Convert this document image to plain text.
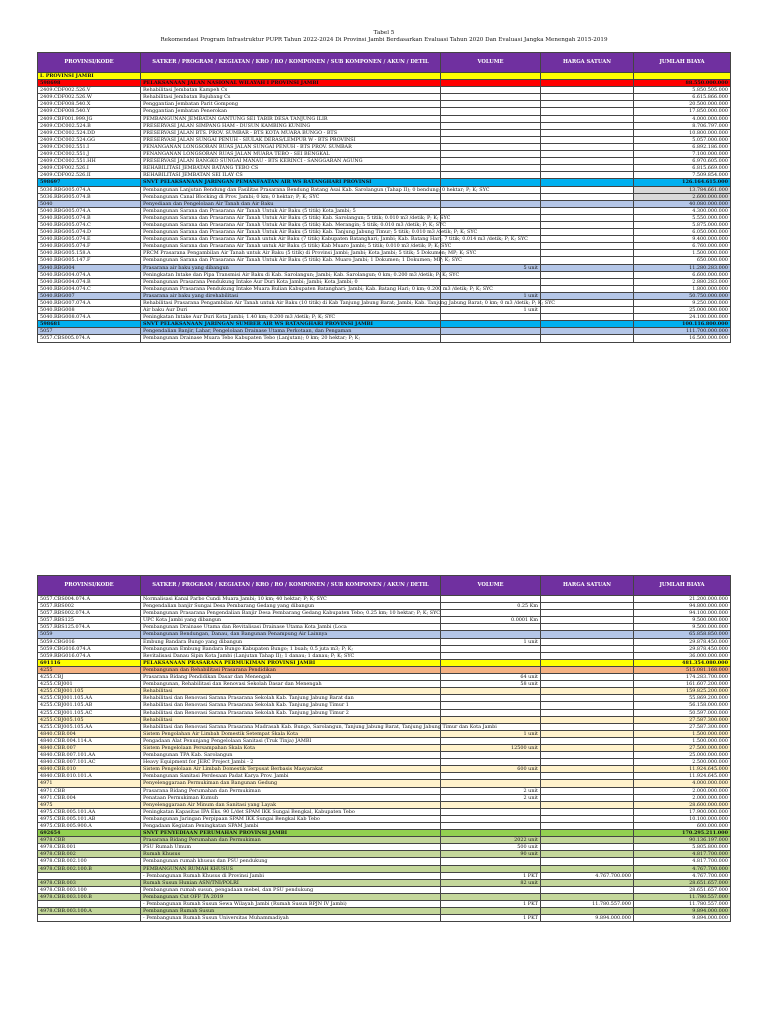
Tabel 5
Rekomendasi Program Infrastruktur PUPR Tahun 2022-2024 Di Provinsi Jambi Berdasarkan Evaluasi Tahun 2020 Dan Evaluasi Jangka Menengah 2015-2019
PROVINSI/KODE	SATKER / PROGRAM / KEGIATAN / KRO / RO / KOMPONEN / SUB KOMPONEN / AKUN / DETIL	VOLUME	HARGA SATUAN	JUMLAH BIAYA
I. PROVINSI JAMBI				
598698	PELAKSANAAN JALAN NASIONAL WILAYAH I PROVINSI JAMBI			88.550.000.000
2409.CDF002.526.V	Rehabilitasi Jembatan Kampeh Cs			5.850.505.000
2409.CDF002.526.W	Rehabilitasi Jembatan Bajubang Cs			6.615.866.000
2409.CDF008.540.X	Penggantian Jembatan Parit Gompong			20.500.000.000
2409.CDF008.540.Y	Penggantian Jembatan Penerokan			17.850.000.000
2409.CBF001.999.JG	PEMBANGUNAN JEMBATAN GANTUNG SEI TABIR DESA TANJUNG ILIR			4.000.000.000
2409.CDC002.524.B	PRESERVASI JALAN SIMPANG HAM - DUSUN KAMBING KUNING			8.706.797.000
2409.CDC002.524.DD	PRESERVASI JALAN BTS. PROV. SUMBAR - BTS KOTA MUARA BUNGO - BTS			10.800.000.000
2409.CDC002.524.GG	PRESERVASI JALAN SUNGAI PENUH - SIULAK DERAS/LEMPUR W - BTS PROVINSI			5.057.000.000
2409.CDC002.551.I	PENANGANAN LONGSORAN RUAS JALAN SUNGAI PENUH - BTS PROV. SUMBAR			6.892.186.000
2409.CDC002.551.J	PENANGANAN LONGSORAN RUAS JALAN MUARA TEBO - SEI BENGKAL			7.100.000.000
2409.CDC002.551.HH	PRESERVASI JALAN BANGKO SUNGAI MANAU - BTS KERINCI - SANGGARAN AGUNG			6.970.605.000
2409.CDF002.526.I	REHABILITASI JEMBATAN BATANG TEBO CS			6.815.669.000
2409.CDF002.526.II	REHABILITASI JEMBATAN SEI ILAY CS			7.509.854.000
598697	SNVT PELAKSANAAN JARINGAN PEMANFAATAN AIR WS BATANGHARI PROVINSI			126.164.615.000
5036.RBG005.074.A	Pembangunan Lanjutan Bendung dan Fasilitas Prasarana Bendung Batang Asai Kab. Sarolangun (Tahap II); 0 bendung; 0 hektar; P; K; SYC			13.784.661.000
5036.RBG005.074.B	Pembangunan Canal Blocking di Prov. Jambi; 0 km; 0 hektar; P; K; SYC			2.600.000.000
5040	Penyediaan dan Pengelolaan Air Tanah dan Air Baku			40.080.000.000
5040.RBG005.074.A	Pembangunan Sarana dan Prasarana Air Tanah Untuk Air Baku (5 titik) Kota Jambi; 5			4.300.000.000
5040.RBG005.074.B	Pembangunan Sarana dan Prasarana Air Tanah Untuk Air Baku (5 titik) Kab. Sarolangun; 5 titik; 0.010 m3 /detik; P; K; SYC			5.550.000.000
5040.RBG005.074.C	Pembangunan Sarana dan Prasarana Air Tanah Untuk Air Baku (5 titik) Kab. Merangin; 5 titik; 0.010 m3 /detik; P; K; SYC			5.875.000.000
5040.RBG005.074.D	Pembangunan Sarana dan Prasarana Air Tanah Untuk Air Baku (5 titik) Kab. Tanjung Jabung Timur; 5 titik; 0.010 m3 /detik; P; K; SYC			6.050.000.000
5040.RBG005.074.E	Pembangunan Sarana dan Prasarana Air Tanah untuk Air Baku (7 titik) Kabupaten Batanghari; Jambi; Kab. Batang Hari; 7 titik; 0.014 m3 /detik; P; K; SYC			9.400.000.000
5040.RBG005.074.F	Pembangunan Sarana dan Prasarana Air Tanah untuk Air Baku (5 titik) Kab Muaro Jambi; 5 titik; 0.010 m3 /detik; P; K; SYC			6.760.000.000
5040.RBG005.158.A	PRCM Prasarana Pengambilan Air Tanah untuk Air Baku (5 titik) di Provinsi Jambi; Jambi; Kota Jambi; 5 titik; 5 Dokumen; MP; K; SYC			1.500.000.000
5040.RBG005.147.F	Pembangunan Sarana dan Prasarana Air Tanah Untuk Air Baku (5 titik) Kab. Muaro Jambi; 1 Dokumen; 1 Dokumen; MP; K; SYC			650.000.000
5040.RBG004	Prasarana air baku yang dibangun	5 unit		11.280.283.000
5040.RBG004.074.A	Peningkatan Intake dan Pipa Transmisi Air Baku di Kab. Sarolangun; Jambi; Kab. Sarolangun; 0 km; 0.200 m3 /detik; P; K; SYC			6.600.000.000
5040.RBG004.074.B	Pembangunan Prasarana Pendukung Intake Aur Duri Kota Jambi; Jambi; Kota Jambi; 0			2.880.283.000
5040.RBG004.074.C	Pembangunan Prasarana Pendukung Intake Muara Bulian Kabupaten Batanghari; Jambi; Kab. Batang Hari; 0 km; 0.200 m3 /detik; P; K; SYC			1.800.000.000
5040.RBG007	Prasarana air baku yang direhabilitasi	1 unit		50.750.000.000
5040.RBG007.074.A	Rehabilitasi Prasarana Pengambilan Air Tanah untuk Air Baku (10 titik) di Kab Tanjung Jabung Barat; Jambi; Kab. Tanjung Jabung Barat; 0 km; 0 m3 /detik; P; K; SYC			9.250.000.000
5040.RBG008	Air baku Aur Duri	1 unit		25.000.000.000
5040.RBG008.074.A	Peningkatan Intake Aur Duri Kota Jambi; 1.40 km; 0.200 m3 /detik; P; K; SYC			24.100.000.000
598681	SNVT PELAKSANAAN JARINGAN SUMBER AIR WS BATANGHARI PROVINSI JAMBI			100.116.800.000
5057	Pengendalian Banjir, Lahar, Pengelolaan Drainase Utama Perkotaan, dan Pengaman			111.700.000.000
5057.CBS005.074.A	Pembangunan Drainase Muara Tebo Kabupaten Tebo (Lanjutan); 0 km; 20 hektar; P; K;			16.500.000.000
PROVINSI/KODE	SATKER / PROGRAM / KEGIATAN / KRO / RO / KOMPONEN / SUB KOMPONEN / AKUN / DETIL	VOLUME	HARGA SATUAN	JUMLAH BIAYA
5057.CBS004.074.A	Normalisasi Kanal Parbo Cundi Muara Jambi; 10 km; 40 hektar; P; K; SYC			21.200.000.000
5057.RBS002	Pengendalian banjir Sungai Desa Pembarang Gedang yang dibangun	0.25 Km		94.800.000.000
5057.RBS002.074.A	Pembangunan Prasarana Pengendalian Banjir Desa Pembarang Gedang Kabupaten Tebo; 0.25 km; 10 hektar; P; K; SYC			94.100.000.000
5057.RBS125	UPC Kota Jambi yang dibangun	0.0001 Km		9.500.000.000
5057.RBS125.074.A	Pembangunan Drainase Utama dan Revitalisasi Drainase Utama Kota Jambi (Loca			9.500.000.000
5059	Pembangunan Bendungan, Danau, dan Bangunan Penampung Air Lainnya			65.858.850.000
5059.CBG016	Embung Bandara Bungo yang dibangun	1 unit		29.878.450.000
5059.CBG016.074.A	Pembangunan Embung Bandara Bungo Kabupaten Bungo; 1 buah; 0.5 juta m3; P; K;			29.878.450.000
5059.RBG016.074.A	Revitalisasi Danau Sipin Kota Jambi (Lanjutan Tahap II); 1 danau; 1 danau; P; K; SYC			36.000.000.000
691116	PELAKSANAAN PRASARANA PERMUKIMAN PROVINSI JAMBI			481.354.080.000
4255	Pembangunan dan Rehabilitasi Prasarana Pendidikan			515.081.168.000
4255.CBJ	Prasarana Bidang Pendidikan Dasar dan Menengah	64 unit		174.283.700.000
4255.CBJ001	Pembangunan, Rehabilitasi dan Renovasi Sekolah Dasar dan Menengah	58 unit		161.607.200.000
4255.CBJ001.105	Rehabilitasi			159.825.200.000
4255.CBJ001.105.AA	Rehabilitasi dan Renovasi Sarana Prasarana Sekolah Kab. Tanjung Jabung Barat dan			55.869.200.000
4255.CBJ001.105.AB	Rehabilitasi dan Renovasi Sarana Prasarana Sekolah Kab. Tanjung Jabung Timur 1			56.158.000.000
4255.CBJ001.105.AC	Rehabilitasi dan Renovasi Sarana Prasarana Sekolah Kab. Tanjung Jabung Timur 2			50.597.000.000
4255.CBJ005.105	Rehabilitasi			27.587.300.000
4255.CBJ005.105.AA	Rehabilitasi dan Renovasi Sarana Prasarana Madrasah Kab. Bungo, Sarolangun, Tanjung Jabung Barat, Tanjung Jabung Timur dan Kota Jambi			27.587.300.000
4840.CBB.004	Sistem Pengolahan Air Limbah Domestik Setempat Skala Kota	1 unit		1.500.000.000
4840.CBB.004.114.A	Pengadaan Alat Penunjang Pengelolaan Sanitasi (Truk Tinja) JAMBI			1.500.000.000
4840.CBB.007	Sistem Pengelolaan Persampahan Skala Kota	12500 unit		27.500.000.000
4840.CBB.007.101.AA	Pembangunan TPA Kab. Sarolangun			25.000.000.000
4840.CBB.007.101.AC	Heavy Equipment for JERC Project Jambi - 2			2.500.000.000
4840.CBB.010	Sistem Pengelolaan Air Limbah Domestik Terpusat Berbasis Masyarakat	600 unit		11.924.645.000
4840.CBB.010.101.A	Pembangunan Sanitasi Perdesaan Padat Karya Prov. Jambi			11.924.645.000
4971	Penyelenggaraan Permukiman dan Bangunan Gedung			4.000.000.000
4971.CBB	Prasarana Bidang Perumahan dan Permukiman	2 unit		2.000.000.000
4971.CBB.004	Penataan Permukiman Kumuh	2 unit		2.000.000.000
4975	Penyelenggaraan Air Minum dan Sanitasi yang Layak			28.600.000.000
4975.CBB.005.101.AA	Peningkatan Kapasitas IPA Eks. 90 L/det SPAM IKK Sungai Bengkal, Kabupaten Tebo			17.900.000.000
4975.CBB.005.101.AB	Pembangunan Jaringan Perpipaan SPAM IKK Sungai Bengkal Kab Tebo			10.100.000.000
4975.CBB.005.900.A	Pengadaan Kegiatan Peningkatan SPAM Jambi			600.000.000
692654	SNVT PENYEDIAAN PERUMAHAN PROVINSI JAMBI			170.295.211.000
4978.CBB	Prasarana Bidang Perumahan dan Permukiman	2022 unit		90.136.197.000
4978.CBB.001	PSU Rumah Umum	500 unit		5.805.800.000
4978.CBB.002	Rumah Khusus	90 unit		4.817.700.000
4978.CBB.002.100	Pembangunan rumah khusus dan PSU pendukung			4.817.700.000
4978.CBB.002.100.B	PEMBANGUNAN RUMAH KHUSUS			4.767.700.000
	- Pembangunan Rumah Khusus di Provinsi Jambi	1 PKT	4.767.700.000	4.767.700.000
4978.CBB.003	Rumah Susun Hunian ASN/TNI/POLRI	82 unit		28.651.657.000
4978.CBB.003.100	Pembangunan rumah susun, pengadaan mebel, dan PSU pendukung			28.651.657.000
4978.CBB.003.100.B	Pembangunan Cut OFF TA 2019			11.780.557.000
	- Pembangunan Rumah Susun Sewa Wilayah Jambi (Rumah Susun BPJN IV Jambi)	1 PKT	11.780.557.000	11.780.557.000
4978.CBB.003.100.A	Pembangunan Rumah Susun			9.894.000.000
	- Pembangunan Rumah Susun Universitas Muhammadiyah	1 PKT	9.894.000.000	9.894.000.000
